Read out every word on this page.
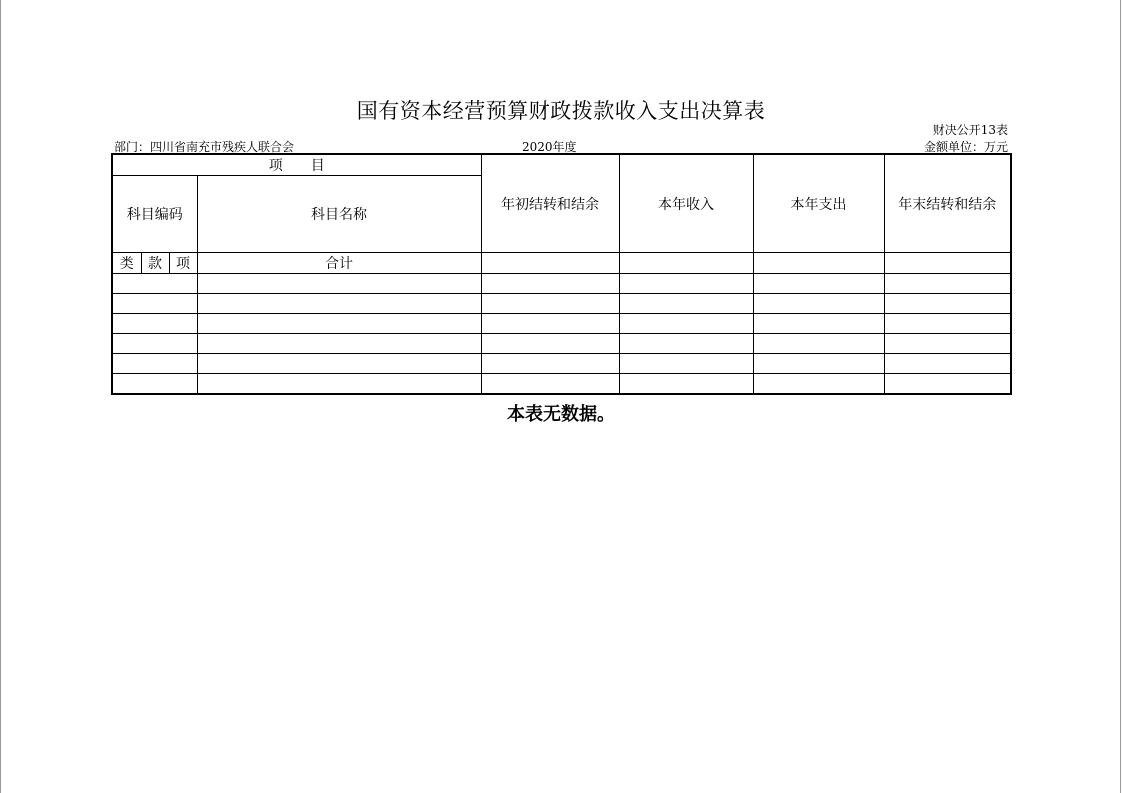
国有资本经营预算财政拨款收入支出决算表
财决公开13表
部门：四川省南充市残疾人联合会	2020年度	金额单位：万元
项　　目				年初结转和结余	本年收入	本年支出	年末结转和结余
科目编码			科目名称				
类	款	项	合计				

本表无数据。
